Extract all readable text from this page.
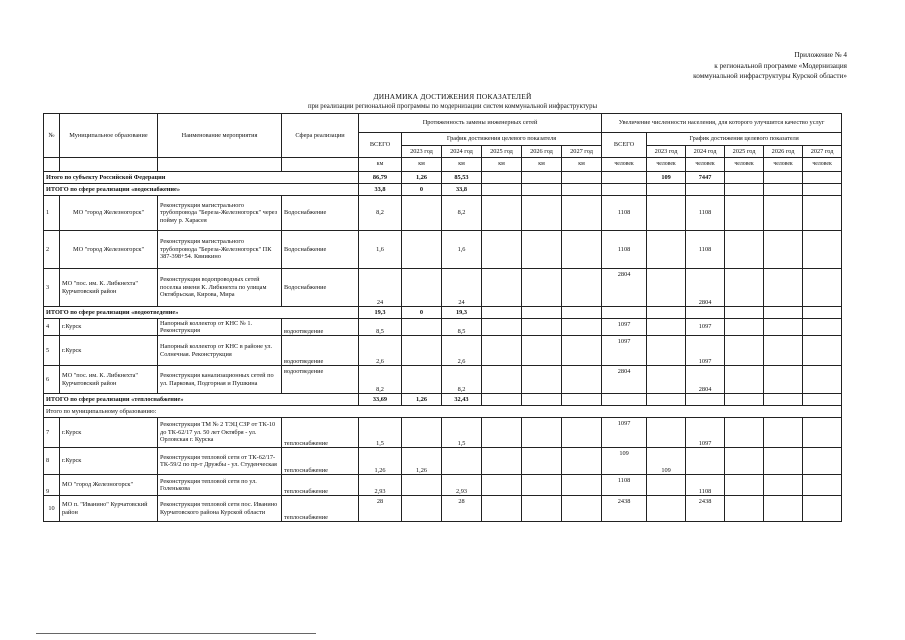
Приложение № 4
к региональной программе «Модернизация
коммунальной инфраструктуры Курской области»
ДИНАМИКА ДОСТИЖЕНИЯ ПОКАЗАТЕЛЕЙ
при реализации региональной программы по модернизации систем коммунальной инфраструктуры
№	Муниципальное образование	Наименование мероприятия	Сфера реализации	Протяженность замены инженерных сетей						Увеличение численности населения, для которого улучшится качество услуг					
				ВСЕГО	График достижения целевого показателя					ВСЕГО	График достижения целевого показателя				
					2023 год	2024 год	2025 год	2026 год	2027 год		2023 год	2024 год	2025 год	2026 год	2027 год
				км	км	км	км	км	км	человек	человек	человек	человек	человек	человек
Итого по субъекту Российской Федерации				86,79	1,26	85,53					109	7447			
ИТОГО по сфере реализации «водоснабжение»				33,8	0	33,8									
1	МО "город Железногорск"	Реконструкция магистрального трубопровода "Березa-Железногорск" через пойму р. Харасея	Водоснабжение	8,2		8,2				1108		1108			
2	МО "город Железногорск"	Реконструкция магистрального трубопровода "Береза-Железногорск" ПК 387-398+54. Квиикино	Водоснабжение	1,6		1,6				1108		1108			
3	МО "пос. им. К. Либкнехта" Курчатовский район	Реконструкция водопроводных сетей поселка имени К. Либкнехта по улицам Октябрьская, Кирова, Мира	Водоснабжение	24		24				2804		2804			
ИТОГО по сфере реализации «водоотведение»				19,3	0	19,3									
4	г.Курск	Напорный коллектор от КНС № 1. Реконструкция	водоотведение	8,5		8,5				1097		1097			
5	г.Курск	Напорный коллектор от КНС в районе ул. Солнечная. Реконструкция	водоотведение	2,6		2,6				1097		1097			
6	МО "пос. им. К. Либкнехта" Курчатовский район	Реконструкция канализационных сетей по ул. Парковая, Подгорная и Пушкина	водоотведение	8,2		8,2				2804		2804			
ИТОГО по сфере реализации «теплоснабжение»				33,69	1,26	32,43									
Итого по муниципальному образованию:															
7	г.Курск	Реконструкция ТМ № 2 ТЭЦ СЗР от ТК-10 до ТК-62/17 ул. 50 лет Октября - ул. Орловская г. Курска	теплоснабжение	1,5		1,5				1097		1097			
8	г.Курск	Реконструкция тепловой сети от ТК-62/17-ТК-59/2 по пр-т Дружбы - ул. Студенческая	теплоснабжение	1,26	1,26					109	109				
9	МО "город Железногорск"	Реконструкция тепловой сети по ул. Голенькова	теплоснабжение	2,93		2,93				1108		1108			
10	МО п. "Иванино" Курчатовский район	Реконструкция тепловой сети пос. Иванино Курчатовского района Курской области	теплоснабжение	28		28				2438		2438			
